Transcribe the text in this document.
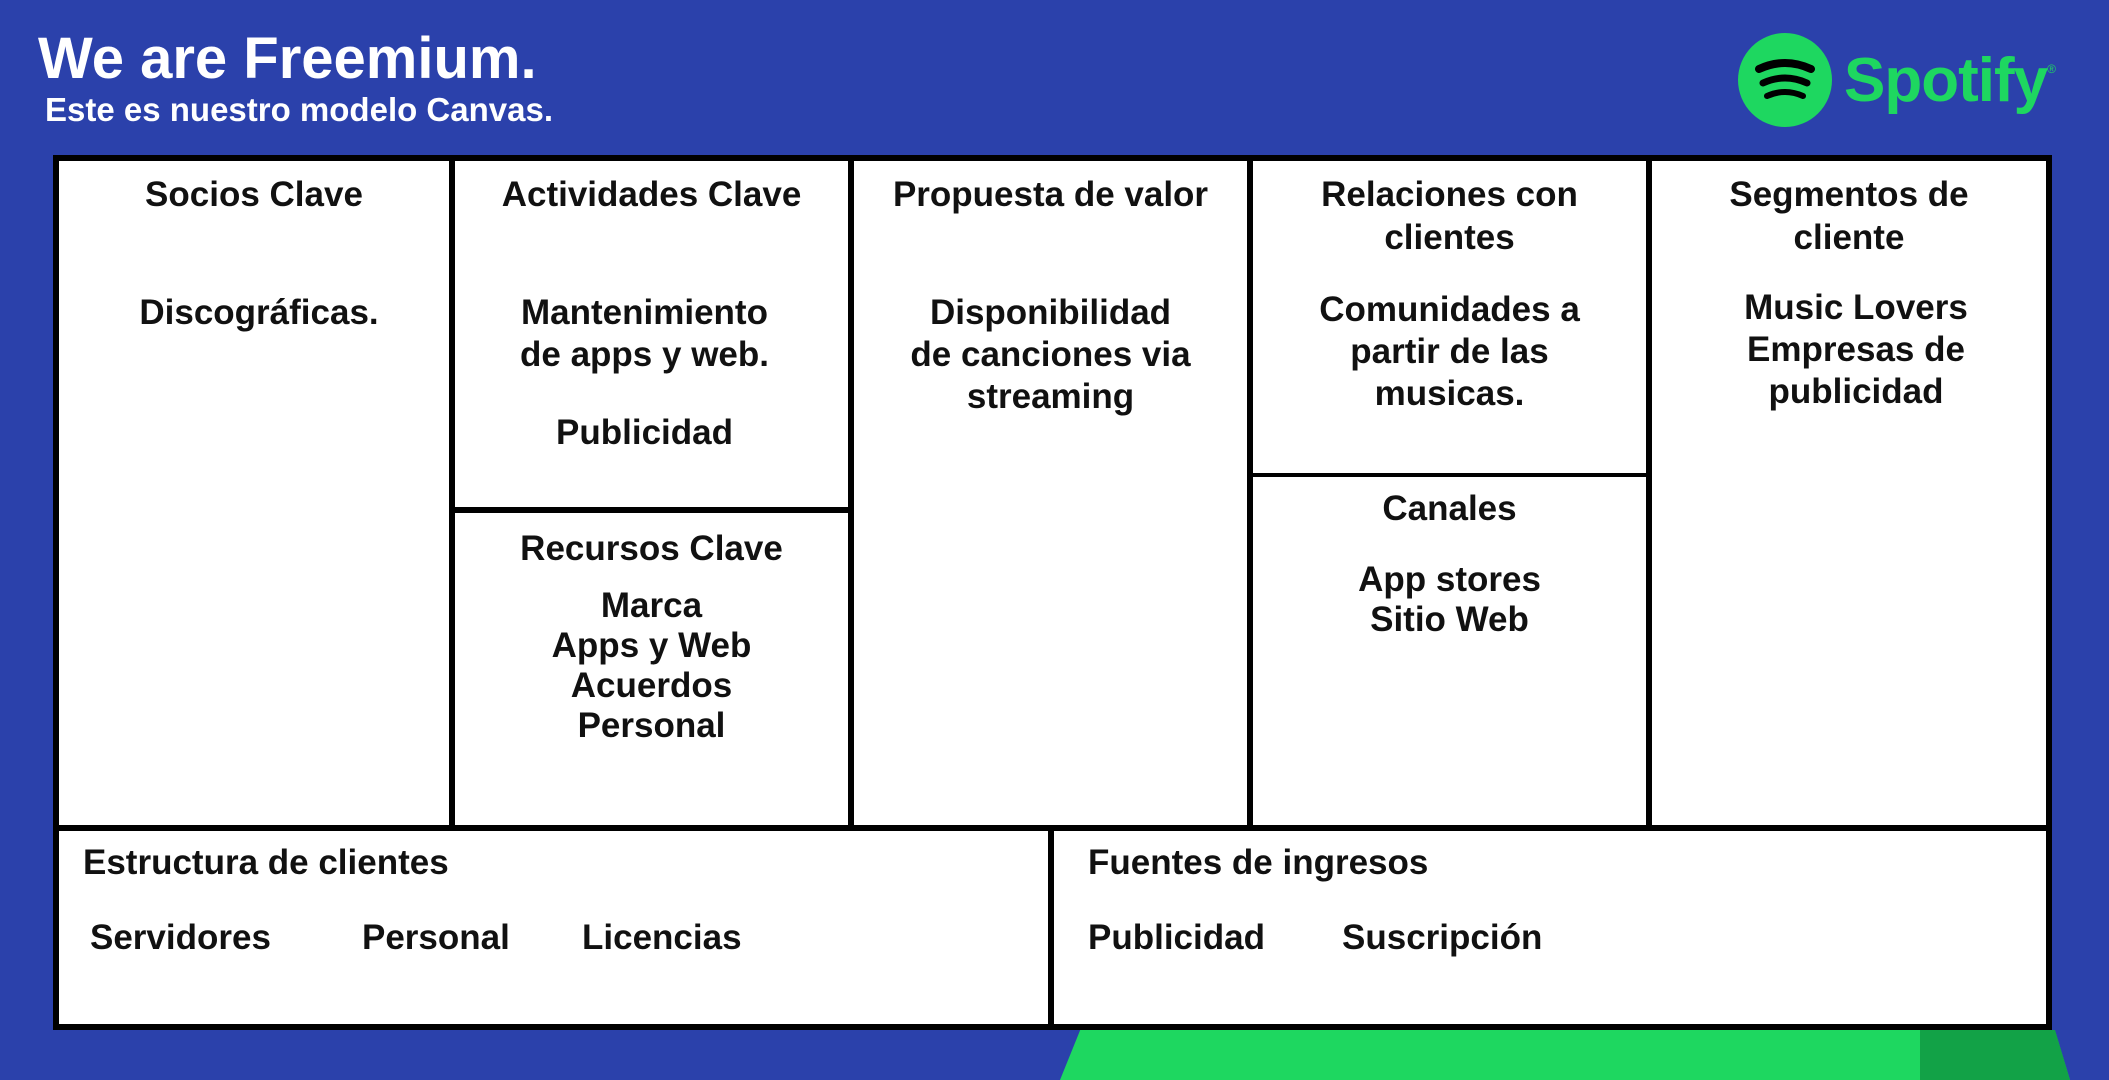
We are Freemium.
Este es nuestro modelo Canvas.	Spotify ®
Socios Clave
Discográficas.
Actividades Clave
Mantenimiento
de apps y web.
Publicidad
Recursos Clave
Marca
Apps y Web
Acuerdos
Personal
Propuesta de valor
Disponibilidad
de canciones via
streaming
Relaciones con
clientes
Comunidades a
partir de las
musicas.
Canales
App stores
Sitio Web
Segmentos de
cliente
Music Lovers
Empresas de
publicidad
Estructura de clientes
Servidores	Personal	Licencias
Fuentes de ingresos
Publicidad	Suscripción
